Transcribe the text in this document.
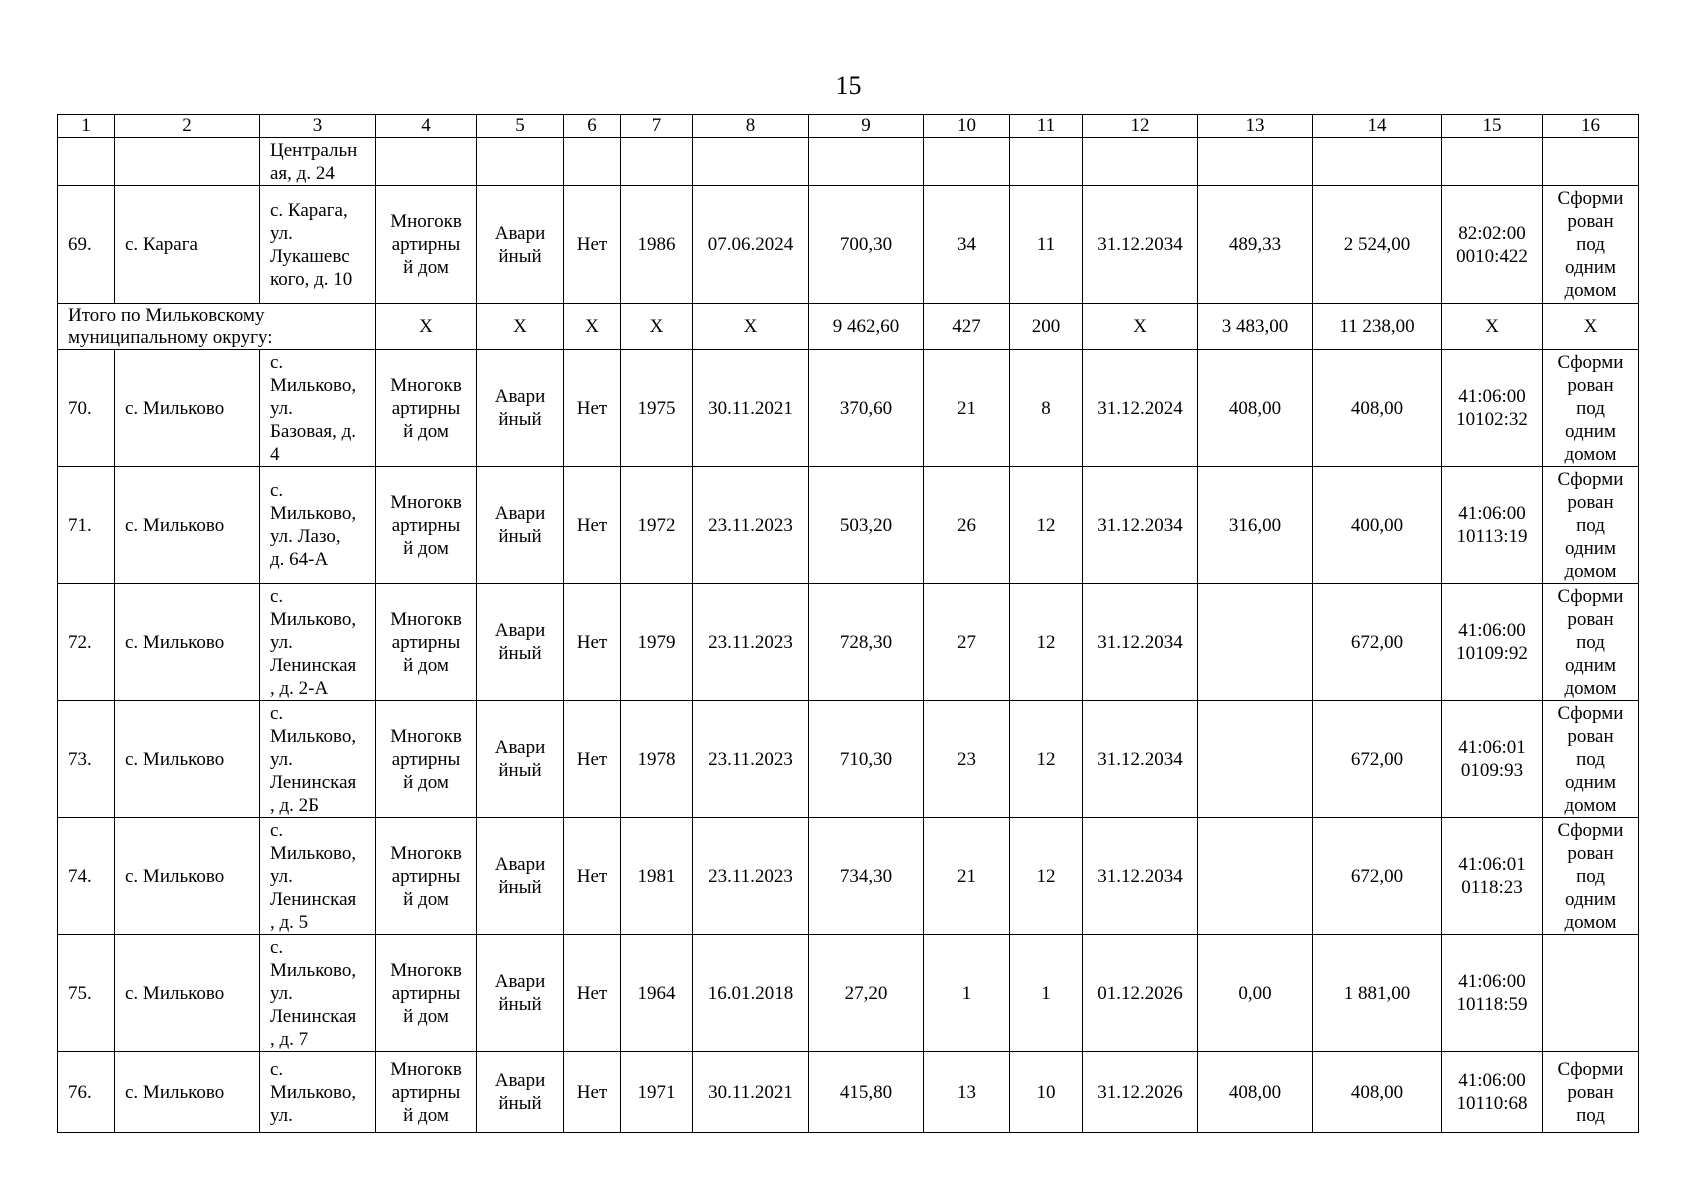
15
1	2	3	4	5	6	7	8	9	10	11	12	13	14	15	16
		Центральн
ая, д. 24													
69.	с. Карага	с. Карага,
ул.
Лукашевс
кого, д. 10	Многокв
артирны
й дом	Авари
йный	Нет	1986	07.06.2024	700,30	34	11	31.12.2034	489,33	2 524,00	82:02:00
0010:422	Сформи
рован
под
одним
домом
Итого по Мильковскому
муниципальному округу:			X	X	X	X	X	9 462,60	427	200	X	3 483,00	11 238,00	X	X
70.	с. Мильково	с.
Мильково,
ул.
Базовая, д.
4	Многокв
артирны
й дом	Авари
йный	Нет	1975	30.11.2021	370,60	21	8	31.12.2024	408,00	408,00	41:06:00
10102:32	Сформи
рован
под
одним
домом
71.	с. Мильково	с.
Мильково,
ул. Лазо,
д. 64-А	Многокв
артирны
й дом	Авари
йный	Нет	1972	23.11.2023	503,20	26	12	31.12.2034	316,00	400,00	41:06:00
10113:19	Сформи
рован
под
одним
домом
72.	с. Мильково	с.
Мильково,
ул.
Ленинская
, д. 2-А	Многокв
артирны
й дом	Авари
йный	Нет	1979	23.11.2023	728,30	27	12	31.12.2034		672,00	41:06:00
10109:92	Сформи
рован
под
одним
домом
73.	с. Мильково	с.
Мильково,
ул.
Ленинская
, д. 2Б	Многокв
артирны
й дом	Авари
йный	Нет	1978	23.11.2023	710,30	23	12	31.12.2034		672,00	41:06:01
0109:93	Сформи
рован
под
одним
домом
74.	с. Мильково	с.
Мильково,
ул.
Ленинская
, д. 5	Многокв
артирны
й дом	Авари
йный	Нет	1981	23.11.2023	734,30	21	12	31.12.2034		672,00	41:06:01
0118:23	Сформи
рован
под
одним
домом
75.	с. Мильково	с.
Мильково,
ул.
Ленинская
, д. 7	Многокв
артирны
й дом	Авари
йный	Нет	1964	16.01.2018	27,20	1	1	01.12.2026	0,00	1 881,00	41:06:00
10118:59	
76.	с. Мильково	с.
Мильково,
ул.	Многокв
артирны
й дом	Авари
йный	Нет	1971	30.11.2021	415,80	13	10	31.12.2026	408,00	408,00	41:06:00
10110:68	Сформи
рован
под
